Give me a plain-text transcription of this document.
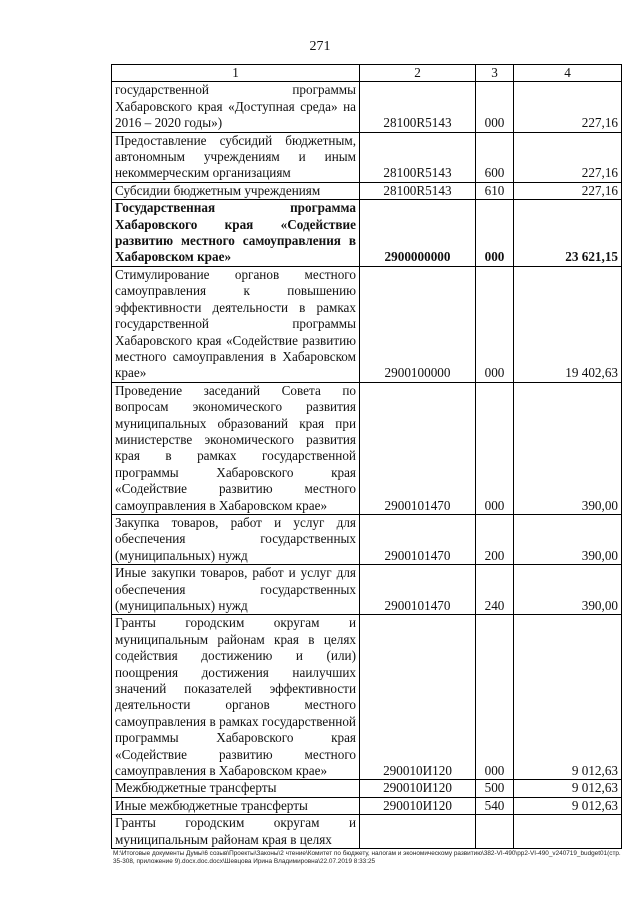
271
1	2	3	4
государственной программы Хабаровского края «Доступная среда» на 2016 – 2020 годы»)	28100R5143	000	227,16
Предоставление субсидий бюджетным, автономным учреждениям и иным некоммерческим организациям	28100R5143	600	227,16
Субсидии бюджетным учреждениям	28100R5143	610	227,16
Государственная программа Хабаровского края «Содействие развитию местного самоуправления в Хабаровском крае»	2900000000	000	23 621,15
Стимулирование органов местного самоуправления к повышению эффективности деятельности в рамках государственной программы Хабаровского края «Содействие развитию местного самоуправления в Хабаровском крае»	2900100000	000	19 402,63
Проведение заседаний Совета по вопросам экономического развития муниципальных образований края при министерстве экономического развития края в рамках государственной программы Хабаровского края «Содействие развитию местного самоуправления в Хабаровском крае»	2900101470	000	390,00
Закупка товаров, работ и услуг для обеспечения государственных (муниципальных) нужд	2900101470	200	390,00
Иные закупки товаров, работ и услуг для обеспечения государственных (муниципальных) нужд	2900101470	240	390,00
Гранты городским округам и муниципальным районам края в целях содействия достижению и (или) поощрения достижения наилучших значений показателей эффективности деятельности органов местного самоуправления в рамках государственной программы Хабаровского края «Содействие развитию местного самоуправления в Хабаровском крае»	290010И120	000	9 012,63
Межбюджетные трансферты	290010И120	500	9 012,63
Иные межбюджетные трансферты	290010И120	540	9 012,63
Гранты городским округам и муниципальным районам края в целях			
М:\Итоговые документы Думы\6 созыв\Проекты\Законы\2 чтение\Комитет по бюджету, налогам и экономическому развитию\382-VI-490\pp2-VI-490_v240719_budget01(стр.35-308, приложение 9).docx.doc.docx\Шевцова Ирина Владимировна\22.07.2019 8:33:25
